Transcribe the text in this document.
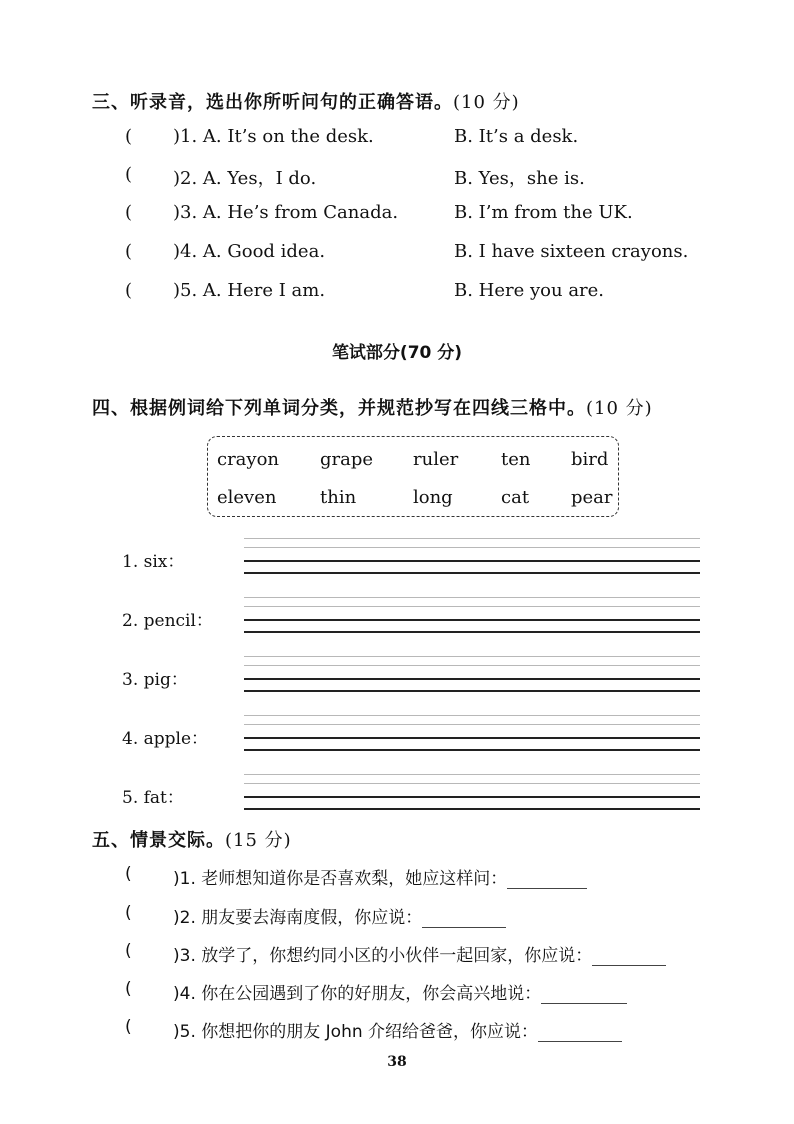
三、听录音，选出你所听问句的正确答语。(10 分)
( )1. A. It’s on the desk.	B. It’s a desk.
( )2. A. Yes，I do.	B. Yes，she is.
( )3. A. He’s from Canada.	B. I’m from the UK.
( )4. A. Good idea.	B. I have sixteen crayons.
( )5. A. Here I am.	B. Here you are.
笔试部分(70 分)
四、根据例词给下列单词分类，并规范抄写在四线三格中。(10 分)
crayon grape ruler ten bird
eleven thin	long	cat pear
1. six：
2. pencil：
3. pig：
4. apple：
5. fat：
五、情景交际。(15 分)
( )1. 老师想知道你是否喜欢梨，她应这样问：
( )2. 朋友要去海南度假，你应说：
( )3. 放学了，你想约同小区的小伙伴一起回家，你应说：
( )4. 你在公园遇到了你的好朋友，你会高兴地说：
( )5. 你想把你的朋友 John 介绍给爸爸，你应说：
38
